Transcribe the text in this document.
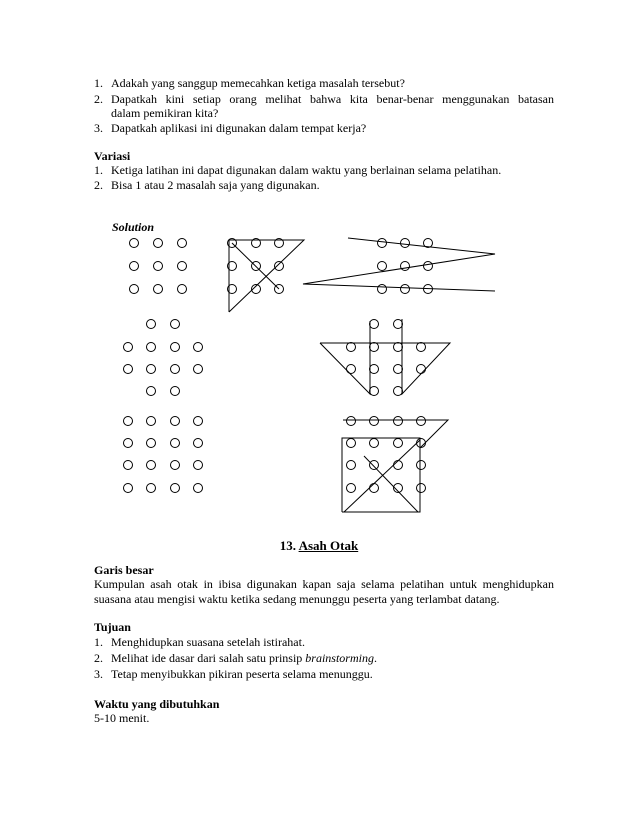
1. Adakah yang sanggup memecahkan ketiga masalah tersebut?
2. Dapatkah kini setiap orang melihat bahwa kita benar-benar menggunakan batasan
dalam pemikiran kita?
3. Dapatkah aplikasi ini digunakan dalam tempat kerja?
Variasi
1. Ketiga latihan ini dapat digunakan dalam waktu yang berlainan selama pelatihan.
2. Bisa 1 atau 2 masalah saja yang digunakan.
Solution
13. Asah Otak
Garis besar
Kumpulan asah otak in ibisa digunakan kapan saja selama pelatihan untuk menghidupkan
suasana atau mengisi waktu ketika sedang menunggu peserta yang terlambat datang.
Tujuan
1. Menghidupkan suasana setelah istirahat.
2. Melihat ide dasar dari salah satu prinsip brainstorming.
3. Tetap menyibukkan pikiran peserta selama menunggu.
Waktu yang dibutuhkan
5-10 menit.
